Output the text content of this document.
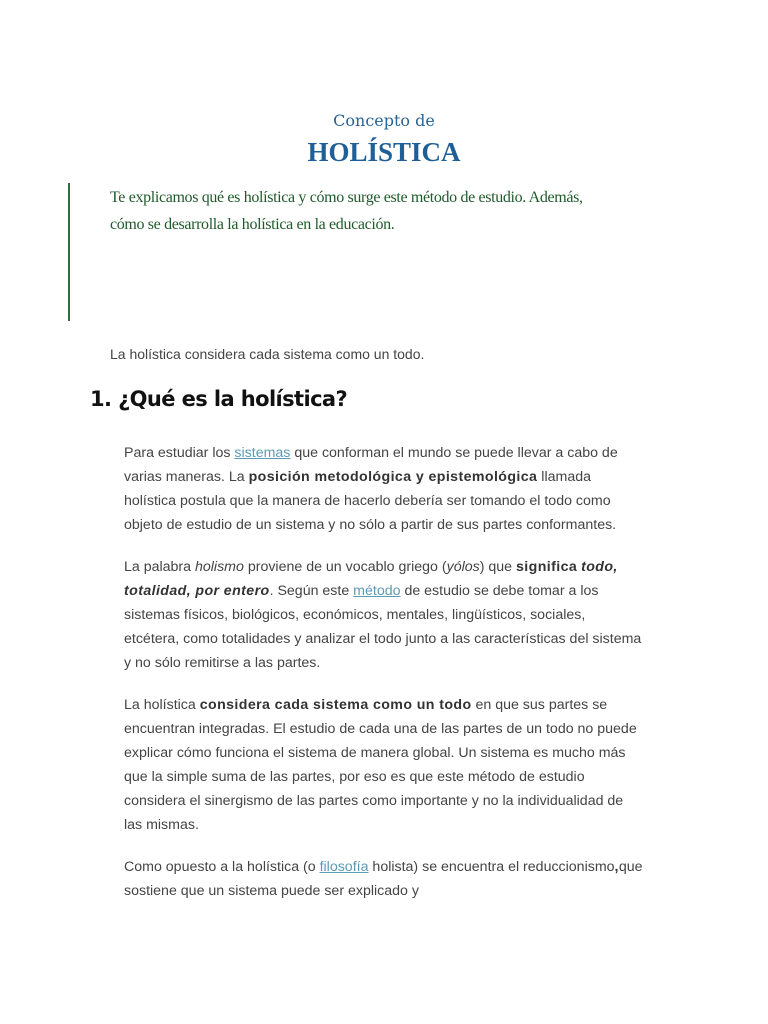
Concepto de

HOLÍSTICA

Te explicamos qué es holística y cómo surge este método de estudio. Además,
cómo se desarrolla la holística en la educación.

La holística considera cada sistema como un todo.

1. ¿Qué es la holística?

Para estudiar los sistemas que conforman el mundo se puede llevar a cabo de varias maneras. La posición metodológica y epistemológica llamada holística postula que la manera de hacerlo debería ser tomando el todo como objeto de estudio de un sistema y no sólo a partir de sus partes conformantes.

La palabra holismo proviene de un vocablo griego (yólos) que significa todo, totalidad, por entero. Según este método de estudio se debe tomar a los sistemas físicos, biológicos, económicos, mentales, lingüísticos, sociales, etcétera, como totalidades y analizar el todo junto a las características del sistema y no sólo remitirse a las partes.

La holística considera cada sistema como un todo en que sus partes se encuentran integradas. El estudio de cada una de las partes de un todo no puede explicar cómo funciona el sistema de manera global. Un sistema es mucho más que la simple suma de las partes, por eso es que este método de estudio considera el sinergismo de las partes como importante y no la individualidad de las mismas.

Como opuesto a la holística (o filosofía holista) se encuentra el reduccionismo,que sostiene que un sistema puede ser explicado y
